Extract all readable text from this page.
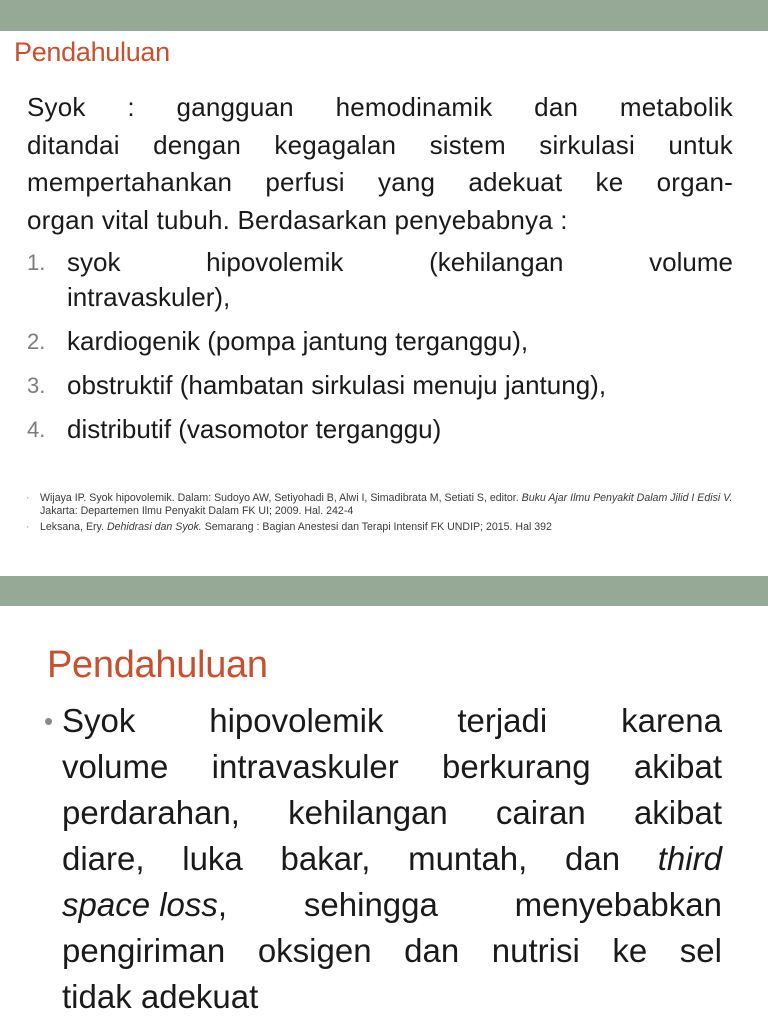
Pendahuluan
Syok : gangguan hemodinamik dan metabolik
ditandai dengan kegagalan sistem sirkulasi untuk
mempertahankan perfusi yang adekuat ke organ-
organ vital tubuh. Berdasarkan penyebabnya :
1. syok	hipovolemik	(kehilangan	volume
intravaskuler),
2. kardiogenik (pompa jantung terganggu),
3. obstruktif (hambatan sirkulasi menuju jantung),
4. distributif (vasomotor terganggu)
· Wijaya IP. Syok hipovolemik. Dalam: Sudoyo AW, Setiyohadi B, Alwi I, Simadibrata M, Setiati S, editor. Buku Ajar Ilmu Penyakit Dalam Jilid I Edisi V. Jakarta: Departemen Ilmu Penyakit Dalam FK UI; 2009. Hal. 242-4
· Leksana, Ery. Dehidrasi dan Syok. Semarang : Bagian Anestesi dan Terapi Intensif FK UNDIP; 2015. Hal 392
Pendahuluan
• Syok hipovolemik terjadi karena
volume intravaskuler berkurang akibat
perdarahan, kehilangan cairan akibat
diare, luka bakar, muntah, dan third
space loss, sehingga menyebabkan
pengiriman oksigen dan nutrisi ke sel
tidak adekuat
